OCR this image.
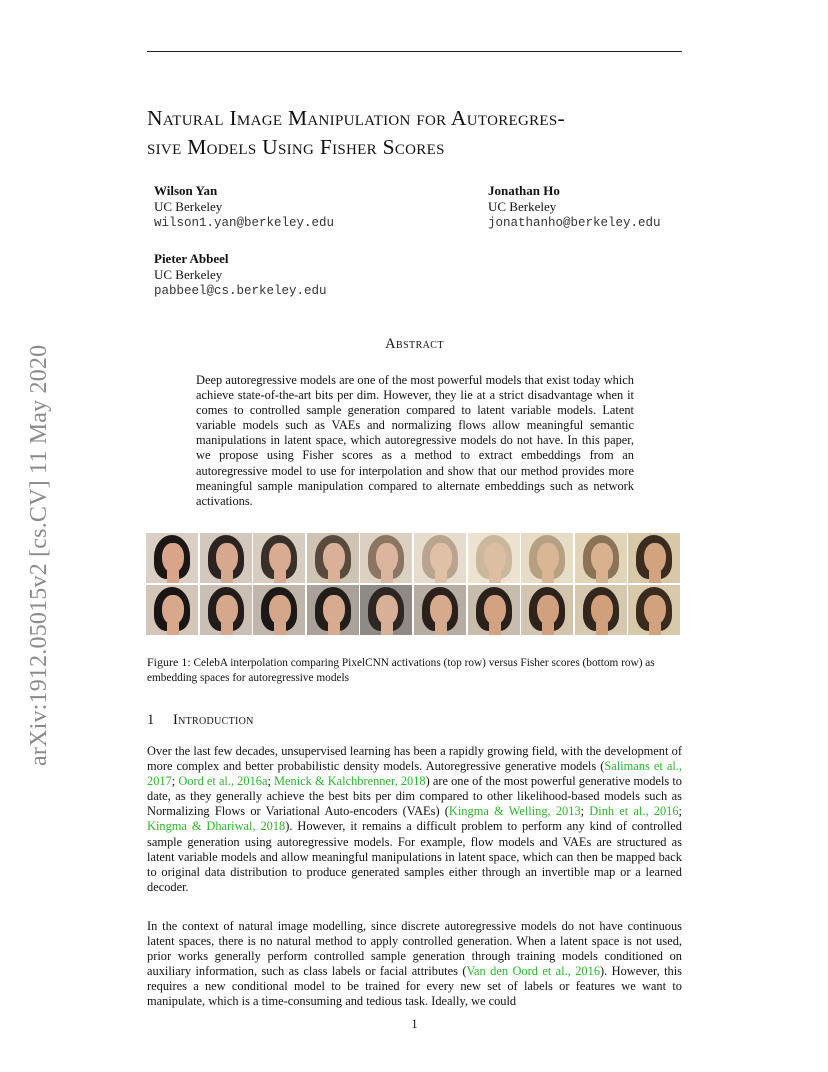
arXiv:1912.05015v2 [cs.CV] 11 May 2020
Natural Image Manipulation for Autoregres-
sive Models Using Fisher Scores
Wilson Yan
UC Berkeley
wilson1.yan@berkeley.edu
Jonathan Ho
UC Berkeley
jonathanho@berkeley.edu
Pieter Abbeel
UC Berkeley
pabbeel@cs.berkeley.edu
Abstract
Deep autoregressive models are one of the most powerful models that exist today which achieve state-of-the-art bits per dim. However, they lie at a strict disadvantage when it comes to controlled sample generation compared to latent variable models. Latent variable models such as VAEs and normalizing flows allow meaningful semantic manipulations in latent space, which autoregressive models do not have. In this paper, we propose using Fisher scores as a method to extract embeddings from an autoregressive model to use for interpolation and show that our method provides more meaningful sample manipulation compared to alternate embeddings such as network activations.
Figure 1: CelebA interpolation comparing PixelCNN activations (top row) versus Fisher scores (bottom row) as embedding spaces for autoregressive models
1 Introduction
Over the last few decades, unsupervised learning has been a rapidly growing field, with the development of more complex and better probabilistic density models. Autoregressive generative models (Salimans et al., 2017; Oord et al., 2016a; Menick & Kalchbrenner, 2018) are one of the most powerful generative models to date, as they generally achieve the best bits per dim compared to other likelihood-based models such as Normalizing Flows or Variational Auto-encoders (VAEs) (Kingma & Welling, 2013; Dinh et al., 2016; Kingma & Dhariwal, 2018). However, it remains a difficult problem to perform any kind of controlled sample generation using autoregressive models. For example, flow models and VAEs are structured as latent variable models and allow meaningful manipulations in latent space, which can then be mapped back to original data distribution to produce generated samples either through an invertible map or a learned decoder.
In the context of natural image modelling, since discrete autoregressive models do not have continuous latent spaces, there is no natural method to apply controlled generation. When a latent space is not used, prior works generally perform controlled sample generation through training models conditioned on auxiliary information, such as class labels or facial attributes (Van den Oord et al., 2016). However, this requires a new conditional model to be trained for every new set of labels or features we want to manipulate, which is a time-consuming and tedious task. Ideally, we could
1
